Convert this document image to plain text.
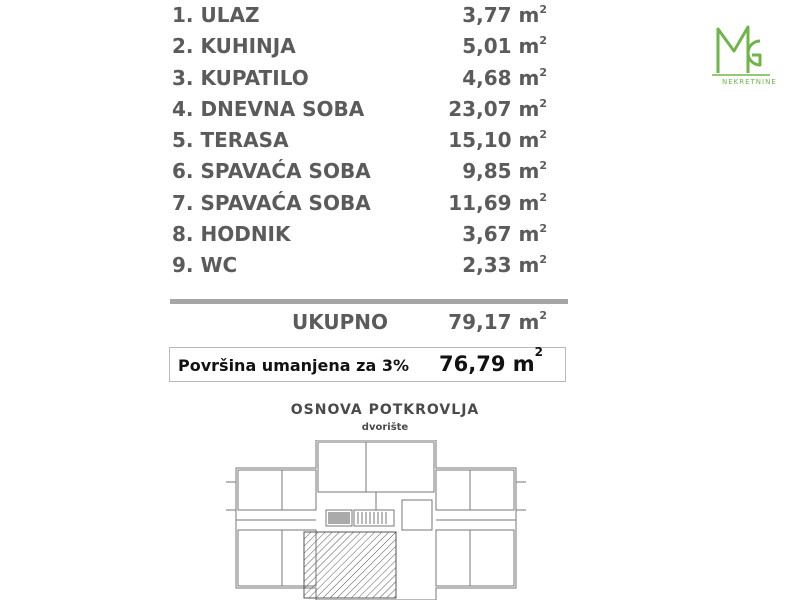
1. ULAZ	3,77 $m^2$
2. KUHINJA	5,01 $m^2$
3. KUPATILO	4,68 $m^2$
4. DNEVNA SOBA	23,07 $m^2$
5. TERASA	15,10 $m^2$
6. SPAVAĆA SOBA	9,85 $m^2$
7. SPAVAĆA SOBA	11,69 $m^2$
8. HODNIK	3,67 $m^2$
9. WC	2,33 $m^2$
UKUPNO	79,17 $m^2$
Površina umanjena za 3% 76,79 $m^2$
OSNOVA POTKROVLJA
dvorište
NEKRETNINE
